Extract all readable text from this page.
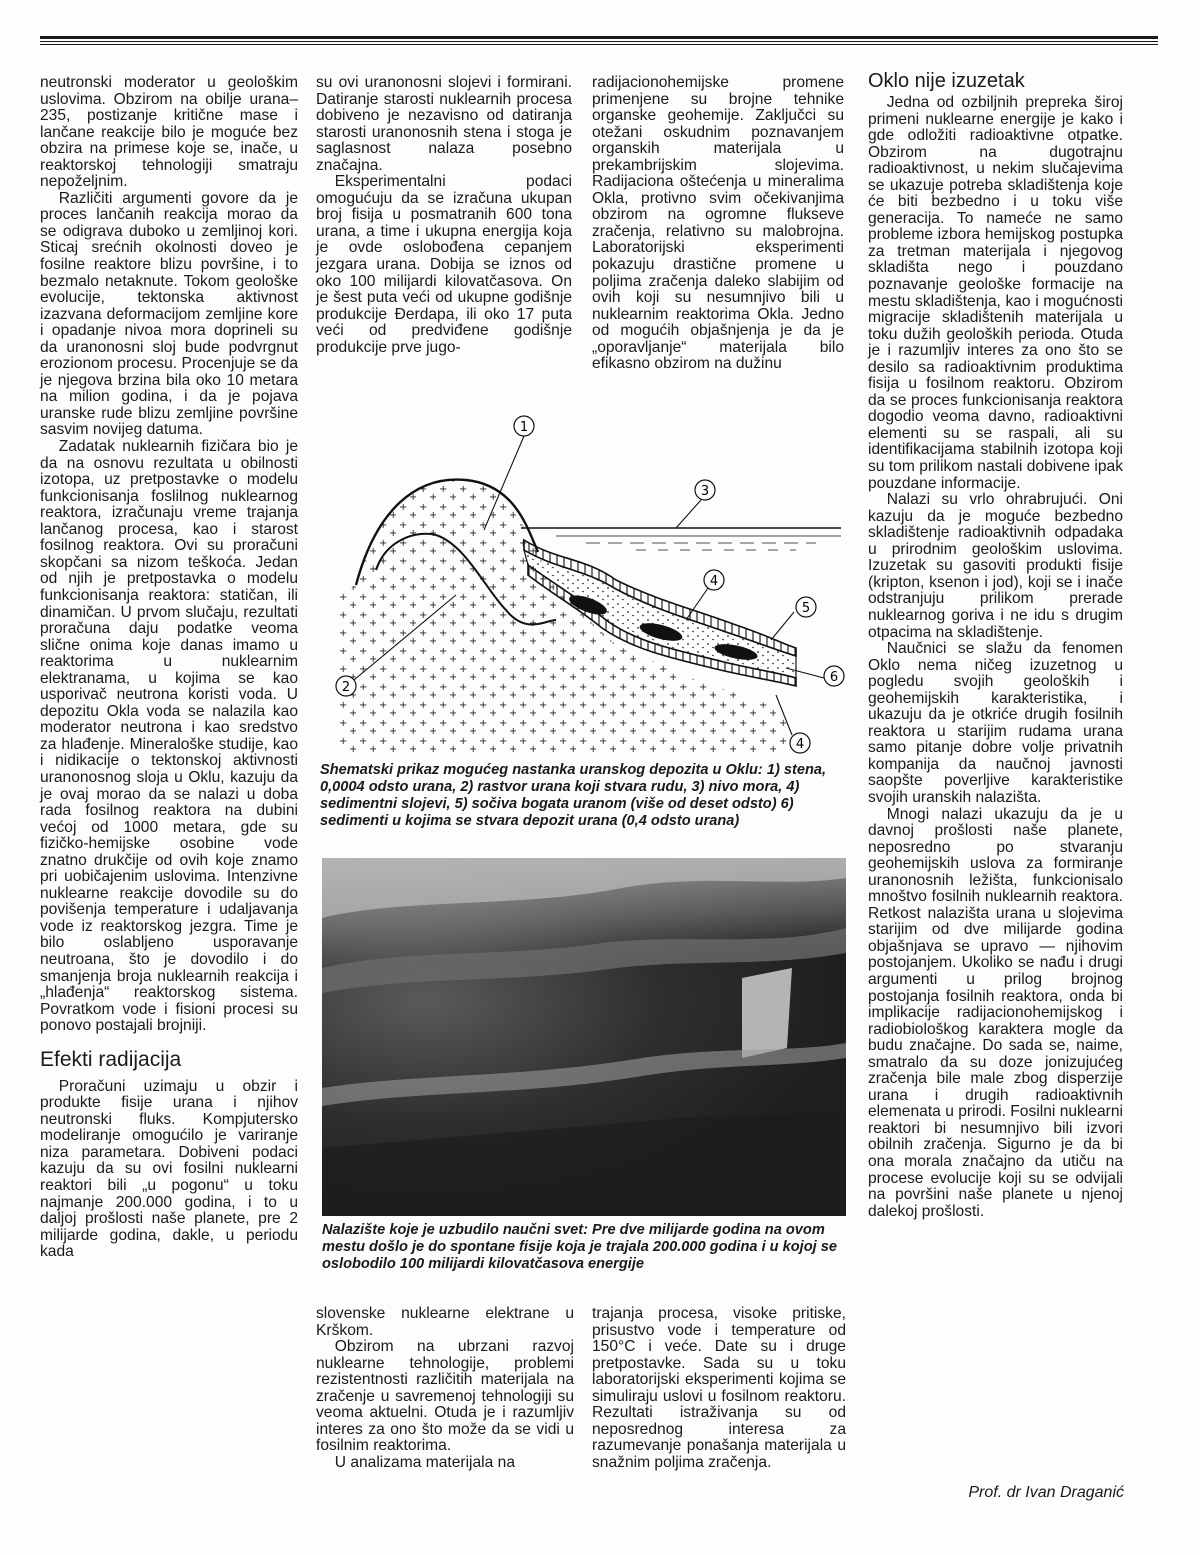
neutronski moderator u geološkim uslovima. Obzirom na obilje urana–235, postizanje kritične mase i lančane reakcije bilo je moguće bez obzira na primese koje se, inače, u reaktorskoj tehnologiji smatraju nepoželjnim.

Različiti argumenti govore da je proces lančanih reakcija morao da se odigrava duboko u zemljinoj kori. Sticaj srećnih okolnosti doveo je fosilne reaktore blizu površine, i to bezmalo netaknute. Tokom geološke evolucije, tektonska aktivnost izazvana deformacijom zemljine kore i opadanje nivoa mora doprineli su da uranonosni sloj bude podvrgnut erozionom procesu. Procenjuje se da je njegova brzina bila oko 10 metara na milion godina, i da je pojava uranske rude blizu zemljine površine sasvim novijeg datuma.

Zadatak nuklearnih fizičara bio je da na osnovu rezultata u obilnosti izotopa, uz pretpostavke o modelu funkcionisanja foslilnog nuklearnog reaktora, izračunaju vreme trajanja lančanog procesa, kao i starost fosilnog reaktora. Ovi su proračuni skopčani sa nizom teškoća. Jedan od njih je pretpostavka o modelu funkcionisanja reaktora: statičan, ili dinamičan. U prvom slučaju, rezultati proračuna daju podatke veoma slične onima koje danas imamo u reaktorima u nuklearnim elektranama, u kojima se kao usporivač neutrona koristi voda. U depozitu Okla voda se nalazila kao moderator neutrona i kao sredstvo za hlađenje. Mineraloške studije, kao i nidikacije o tektonskoj aktivnosti uranonosnog sloja u Oklu, kazuju da je ovaj morao da se nalazi u doba rada fosilnog reaktora na dubini većoj od 1000 metara, gde su fizičko-hemijske osobine vode znatno drukčije od ovih koje znamo pri uobičajenim uslovima. Intenzivne nuklearne reakcije dovodile su do povišenja temperature i udaljavanja vode iz reaktorskog jezgra. Time je bilo oslabljeno usporavanje neutroana, što je dovodilo i do smanjenja broja nuklearnih reakcija i „hlađenja“ reaktorskog sistema. Povratkom vode i fisioni procesi su ponovo postajali brojniji.

Efekti radijacija

Proračuni uzimaju u obzir i produkte fisije urana i njihov neutronski fluks. Kompjutersko modeliranje omogućilo je variranje niza parametara. Dobiveni podaci kazuju da su ovi fosilni nuklearni reaktori bili „u pogonu“ u toku najmanje 200.000 godina, i to u daljoj prošlosti naše planete, pre 2 milijarde godina, dakle, u periodu kada

su ovi uranonosni slojevi i formirani. Datiranje starosti nuklearnih procesa dobiveno je nezavisno od datiranja starosti uranonosnih stena i stoga je saglasnost nalaza posebno značajna.

Eksperimentalni podaci omogućuju da se izračuna ukupan broj fisija u posmatranih 600 tona urana, a time i ukupna energija koja je ovde oslobođena cepanjem jezgara urana. Dobija se iznos od oko 100 milijardi kilovatčasova. On je šest puta veći od ukupne godišnje produkcije Đerdapa, ili oko 17 puta veći od predviđene godišnje produkcije prve jugo-

radijacionohemijske promene primenjene su brojne tehnike organske geohemije. Zaključci su otežani oskudnim poznavanjem organskih materijala u prekambrijskim slojevima. Radijaciona oštećenja u mineralima Okla, protivno svim očekivanjima obzirom na ogromne flukseve zračenja, relativno su malobrojna. Laboratorijski eksperimenti pokazuju drastične promene u poljima zračenja daleko slabijim od ovih koji su nesumnjivo bili u nuklearnim reaktorima Okla. Jedno od mogućih objašnjenja je da je „oporavljanje“ materijala bilo efikasno obzirom na dužinu

1
2
3
4
5
6
4
Shematski prikaz mogućeg nastanka uranskog depozita u Oklu: 1) stena, 0,0004 odsto urana, 2) rastvor urana koji stvara rudu, 3) nivo mora, 4) sedimentni slojevi, 5) sočiva bogata uranom (više od deset odsto) 6) sedimenti u kojima se stvara depozit urana (0,4 odsto urana)
Nalazište koje je uzbudilo naučni svet: Pre dve milijarde godina na ovom mestu došlo je do spontane fisije koja je trajala 200.000 godina i u kojoj se oslobodilo 100 milijardi kilovatčasova energije

slovenske nuklearne elektrane u Krškom.

Obzirom na ubrzani razvoj nuklearne tehnologije, problemi rezistentnosti različitih materijala na zračenje u savremenoj tehnologiji su veoma aktuelni. Otuda je i razumljiv interes za ono što može da se vidi u fosilnim reaktorima.

U analizama materijala na

trajanja procesa, visoke pritiske, prisustvo vode i temperature od 150°C i veće. Date su i druge pretpostavke. Sada su u toku laboratorijski eksperimenti kojima se simuliraju uslovi u fosilnom reaktoru. Rezultati istraživanja su od neposrednog interesa za razumevanje ponašanja materijala u snažnim poljima zračenja.

Oklo nije izuzetak

Jedna od ozbiljnih prepreka široj primeni nuklearne energije je kako i gde odložiti radioaktivne otpatke. Obzirom na dugotrajnu radioaktivnost, u nekim slučajevima se ukazuje potreba skladištenja koje će biti bezbedno i u toku više generacija. To nameće ne samo probleme izbora hemijskog postupka za tretman materijala i njegovog skladišta nego i pouzdano poznavanje geološke formacije na mestu skladištenja, kao i mogućnosti migracije skladištenih materijala u toku dužih geoloških perioda. Otuda je i razumljiv interes za ono što se desilo sa radioaktivnim produktima fisija u fosilnom reaktoru. Obzirom da se proces funkcionisanja reaktora dogodio veoma davno, radioaktivni elementi su se raspali, ali su identifikacijama stabilnih izotopa koji su tom prilikom nastali dobivene ipak pouzdane informacije.

Nalazi su vrlo ohrabrujući. Oni kazuju da je moguće bezbedno skladištenje radioaktivnih odpadaka u prirodnim geološkim uslovima. Izuzetak su gasoviti produkti fisije (kripton, ksenon i jod), koji se i inače odstranjuju prilikom prerade nuklearnog goriva i ne idu s drugim otpacima na skladištenje.

Naučnici se slažu da fenomen Oklo nema ničeg izuzetnog u pogledu svojih geoloških i geohemijskih karakteristika, i ukazuju da je otkriće drugih fosilnih reaktora u starijim rudama urana samo pitanje dobre volje privatnih kompanija da naučnoj javnosti saopšte poverljive karakteristike svojih uranskih nalazišta.

Mnogi nalazi ukazuju da je u davnoj prošlosti naše planete, neposredno po stvaranju geohemijskih uslova za formiranje uranonosnih ležišta, funkcionisalo mnoštvo fosilnih nuklearnih reaktora. Retkost nalazišta urana u slojevima starijim od dve milijarde godina objašnjava se upravo — njihovim postojanjem. Ukoliko se nađu i drugi argumenti u prilog brojnog postojanja fosilnih reaktora, onda bi implikacije radijacionohemijskog i radiobiološkog karaktera mogle da budu značajne. Do sada se, naime, smatralo da su doze jonizujućeg zračenja bile male zbog disperzije urana i drugih radioaktivnih elemenata u prirodi. Fosilni nuklearni reaktori bi nesumnjivo bili izvori obilnih zračenja. Sigurno je da bi ona morala značajno da utiču na procese evolucije koji su se odvijali na površini naše planete u njenoj dalekoj prošlosti.

Prof. dr Ivan Draganić
